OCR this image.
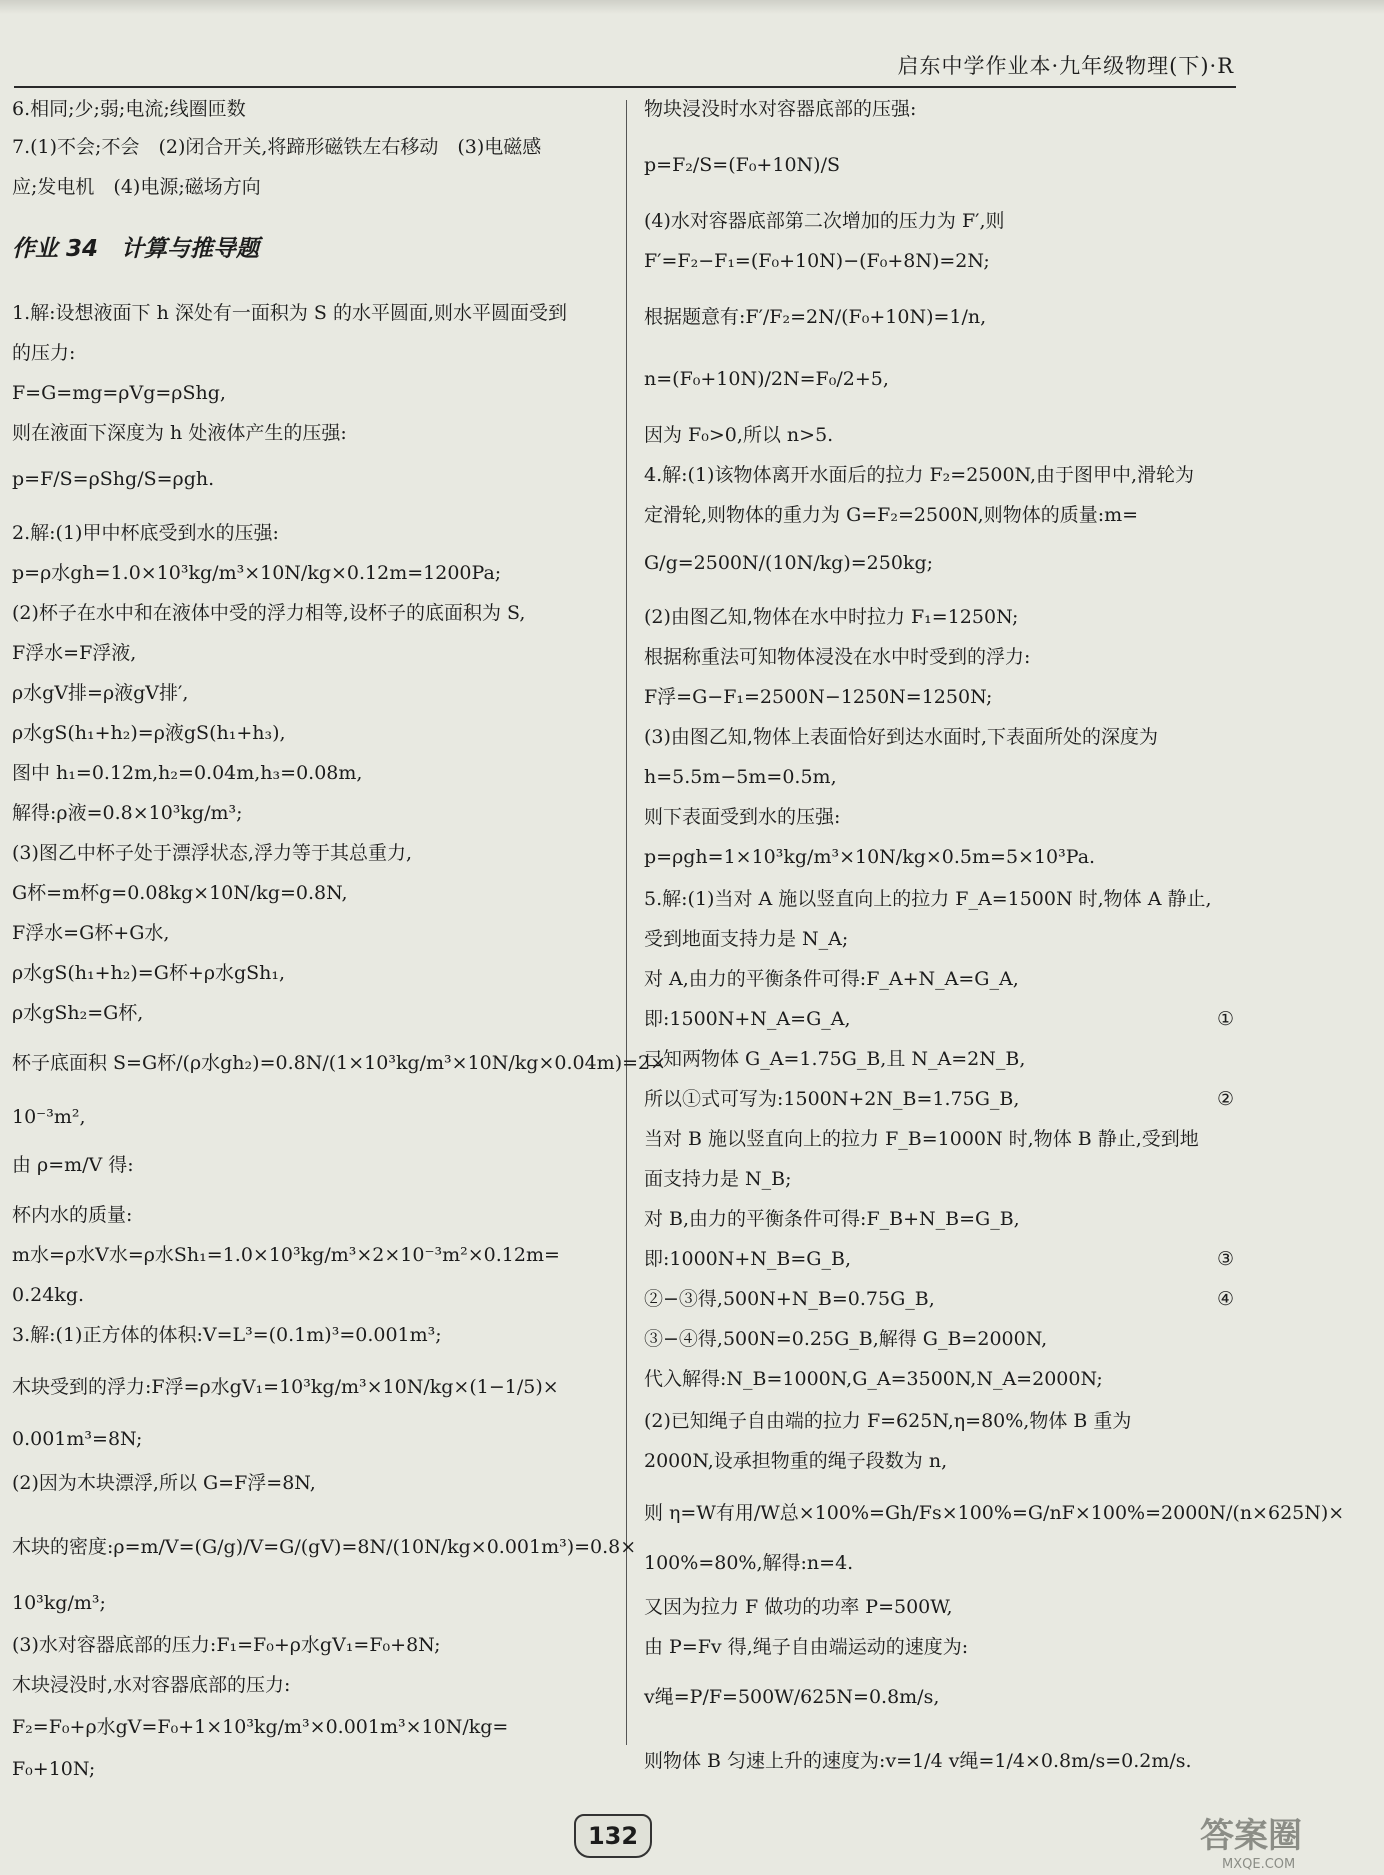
启东中学作业本·九年级物理(下)·R
6.相同;少;弱;电流;线圈匝数
7.(1)不会;不会　(2)闭合开关,将蹄形磁铁左右移动　(3)电磁感
应;发电机　(4)电源;磁场方向
作业 34　计算与推导题
1.解:设想液面下 h 深处有一面积为 S 的水平圆面,则水平圆面受到
的压力:
F=G=mg=ρVg=ρShg,
则在液面下深度为 h 处液体产生的压强:
p=F/S=ρShg/S=ρgh.
2.解:(1)甲中杯底受到水的压强:
p=ρ水gh=1.0×10³kg/m³×10N/kg×0.12m=1200Pa;
(2)杯子在水中和在液体中受的浮力相等,设杯子的底面积为 S,
F浮水=F浮液,
ρ水gV排=ρ液gV排′,
ρ水gS(h₁+h₂)=ρ液gS(h₁+h₃),
图中 h₁=0.12m,h₂=0.04m,h₃=0.08m,
解得:ρ液=0.8×10³kg/m³;
(3)图乙中杯子处于漂浮状态,浮力等于其总重力,
G杯=m杯g=0.08kg×10N/kg=0.8N,
F浮水=G杯+G水,
ρ水gS(h₁+h₂)=G杯+ρ水gSh₁,
ρ水gSh₂=G杯,
杯子底面积 S=G杯/(ρ水gh₂)=0.8N/(1×10³kg/m³×10N/kg×0.04m)=2×
10⁻³m²,
由 ρ=m/V 得:
杯内水的质量:
m水=ρ水V水=ρ水Sh₁=1.0×10³kg/m³×2×10⁻³m²×0.12m=
0.24kg.
3.解:(1)正方体的体积:V=L³=(0.1m)³=0.001m³;
木块受到的浮力:F浮=ρ水gV₁=10³kg/m³×10N/kg×(1−1/5)×
0.001m³=8N;
(2)因为木块漂浮,所以 G=F浮=8N,
木块的密度:ρ=m/V=(G/g)/V=G/(gV)=8N/(10N/kg×0.001m³)=0.8×
10³kg/m³;
(3)水对容器底部的压力:F₁=F₀+ρ水gV₁=F₀+8N;
木块浸没时,水对容器底部的压力:
F₂=F₀+ρ水gV=F₀+1×10³kg/m³×0.001m³×10N/kg=
F₀+10N;
物块浸没时水对容器底部的压强:
p=F₂/S=(F₀+10N)/S
(4)水对容器底部第二次增加的压力为 F′,则
F′=F₂−F₁=(F₀+10N)−(F₀+8N)=2N;
根据题意有:F′/F₂=2N/(F₀+10N)=1/n,
n=(F₀+10N)/2N=F₀/2+5,
因为 F₀>0,所以 n>5.
4.解:(1)该物体离开水面后的拉力 F₂=2500N,由于图甲中,滑轮为
定滑轮,则物体的重力为 G=F₂=2500N,则物体的质量:m=
G/g=2500N/(10N/kg)=250kg;
(2)由图乙知,物体在水中时拉力 F₁=1250N;
根据称重法可知物体浸没在水中时受到的浮力:
F浮=G−F₁=2500N−1250N=1250N;
(3)由图乙知,物体上表面恰好到达水面时,下表面所处的深度为
h=5.5m−5m=0.5m,
则下表面受到水的压强:
p=ρgh=1×10³kg/m³×10N/kg×0.5m=5×10³Pa.
5.解:(1)当对 A 施以竖直向上的拉力 F_A=1500N 时,物体 A 静止,
受到地面支持力是 N_A;
对 A,由力的平衡条件可得:F_A+N_A=G_A,
即:1500N+N_A=G_A,
已知两物体 G_A=1.75G_B,且 N_A=2N_B,
所以①式可写为:1500N+2N_B=1.75G_B,
当对 B 施以竖直向上的拉力 F_B=1000N 时,物体 B 静止,受到地
面支持力是 N_B;
对 B,由力的平衡条件可得:F_B+N_B=G_B,
即:1000N+N_B=G_B,
②−③得,500N+N_B=0.75G_B,
③−④得,500N=0.25G_B,解得 G_B=2000N,
代入解得:N_B=1000N,G_A=3500N,N_A=2000N;
(2)已知绳子自由端的拉力 F=625N,η=80%,物体 B 重为
2000N,设承担物重的绳子段数为 n,
则 η=W有用/W总×100%=Gh/Fs×100%=G/nF×100%=2000N/(n×625N)×
100%=80%,解得:n=4.
又因为拉力 F 做功的功率 P=500W,
由 P=Fv 得,绳子自由端运动的速度为:
v绳=P/F=500W/625N=0.8m/s,
则物体 B 匀速上升的速度为:v=1/4 v绳=1/4×0.8m/s=0.2m/s.
①
②
③
④
132	答案圈
MXQE.COM
